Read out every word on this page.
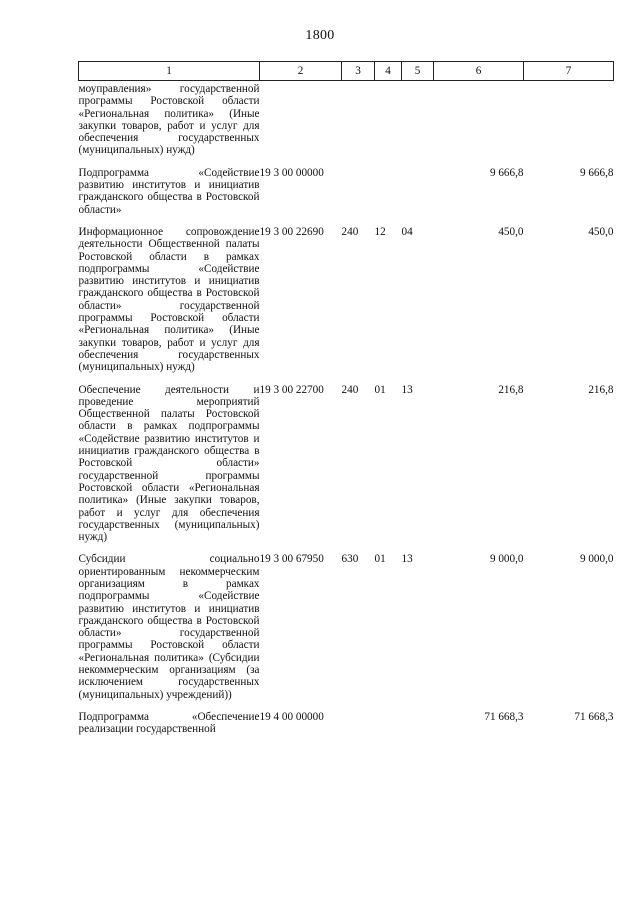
1800
1	2	3	4	5	6	7
моуправления» государственной программы Ростовской области «Региональная политика» (Иные закупки товаров, работ и услуг для обеспечения государственных (муниципальных) нужд)						
Подпрограмма «Содействие развитию институтов и инициатив гражданского общества в Ростовской области»	19 3 00 00000				9 666,8	9 666,8
Информационное сопровождение деятельности Общественной палаты Ростовской области в рамках подпрограммы «Содействие развитию институтов и инициатив гражданского общества в Ростовской области» государственной программы Ростовской области «Региональная политика» (Иные закупки товаров, работ и услуг для обеспечения государственных (муниципальных) нужд)	19 3 00 22690	240	12	04	450,0	450,0
Обеспечение деятельности и проведение мероприятий Общественной палаты Ростовской области в рамках подпрограммы «Содействие развитию институтов и инициатив гражданского общества в Ростовской области» государственной программы Ростовской области «Региональная политика» (Иные закупки товаров, работ и услуг для обеспечения государственных (муниципальных) нужд)	19 3 00 22700	240	01	13	216,8	216,8
Субсидии социально ориентированным некоммерческим организациям в рамках подпрограммы «Содействие развитию институтов и инициатив гражданского общества в Ростовской области» государственной программы Ростовской области «Региональная политика» (Субсидии некоммерческим организациям (за исключением государственных (муниципальных) учреждений))	19 3 00 67950	630	01	13	9 000,0	9 000,0
Подпрограмма «Обеспечение реализации государственной	19 4 00 00000				71 668,3	71 668,3
